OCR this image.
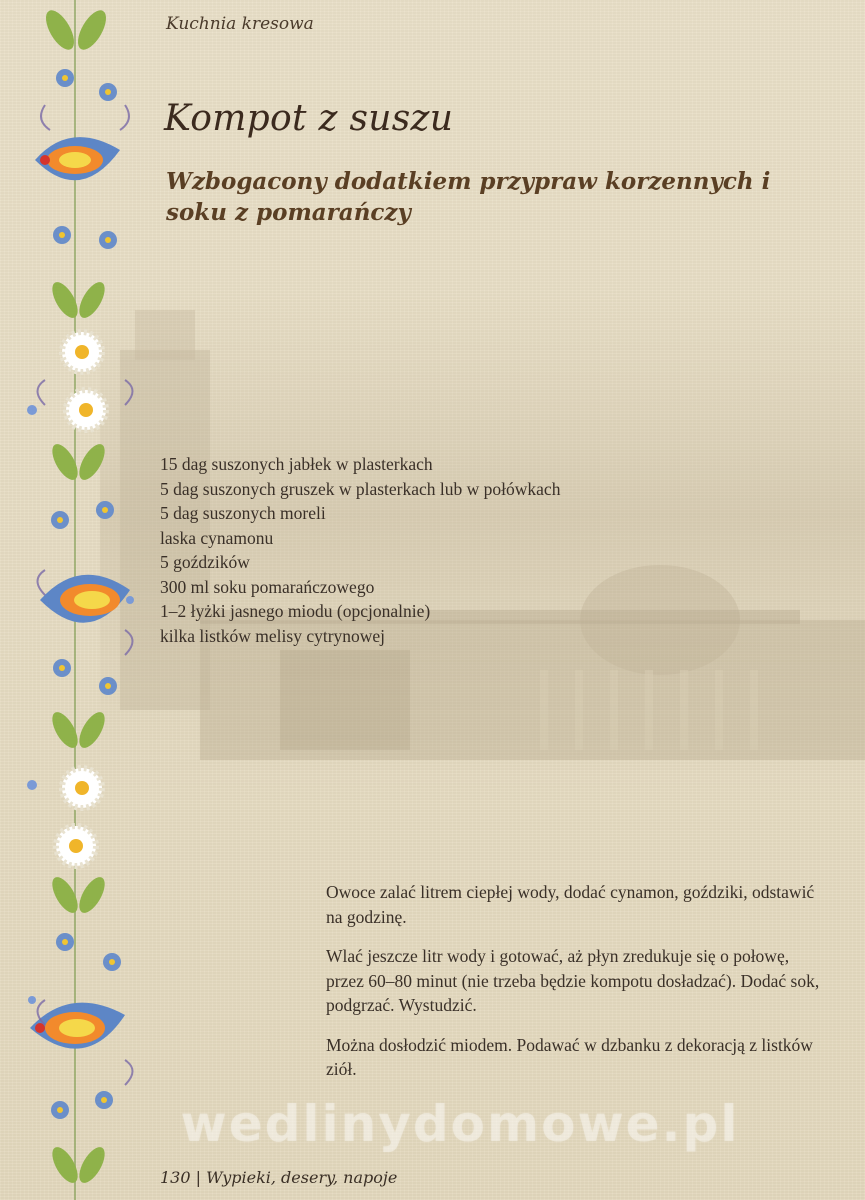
Kuchnia kresowa
Kompot z suszu
Wzbogacony dodatkiem przypraw korzennych i soku z pomarańczy
15 dag suszonych jabłek w plasterkach
5 dag suszonych gruszek w plasterkach lub w połówkach
5 dag suszonych moreli
laska cynamonu
5 goździków
300 ml soku pomarańczowego
1–2 łyżki jasnego miodu (opcjonalnie)
kilka listków melisy cytrynowej

Owoce zalać litrem ciepłej wody, dodać cynamon, goździki, odstawić na godzinę.

Wlać jeszcze litr wody i gotować, aż płyn zredukuje się o połowę, przez 60–80 minut (nie trzeba będzie kompotu dosładzać). Dodać sok, podgrzać. Wystudzić.

Można dosłodzić miodem. Podawać w dzbanku z dekoracją z listków ziół.

wedlinydomowe.pl
130 | Wypieki, desery, napoje
